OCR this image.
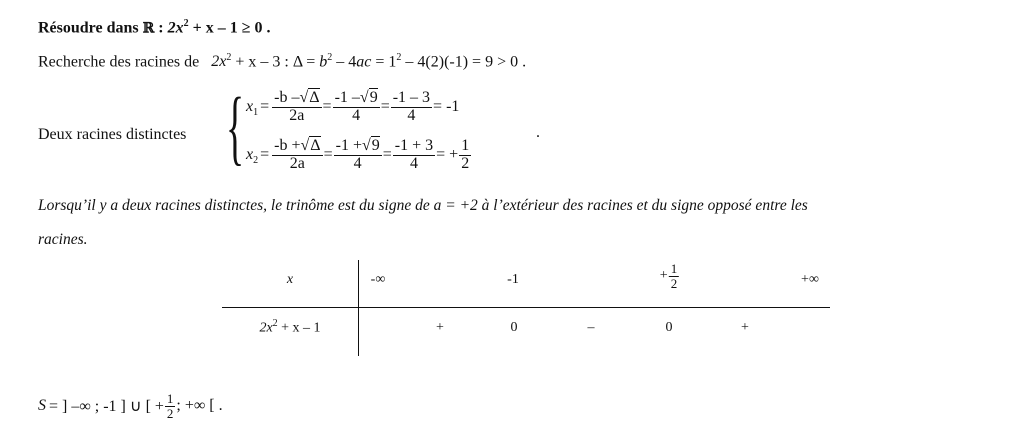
Résoudre dans ℝ : $2x^2 + x - 1 \ge 0$ .
Recherche des racines de $2x^2 + x - 3$ : $\Delta = b^2 - 4ac = 1^2 - 4(2)(-1) = 9 > 0$ .
Deux racines distinctes { $x_1 = \frac{-b -√\Delta}{2a} = \frac{-1 -√9}{4} = \frac{-1 - 3}{4} = -1$
$x_2 = \frac{-b +√\Delta}{2a} = \frac{-1 +√9}{4} = \frac{-1 + 3}{4}$ = + $\frac{1}{2}$
.
Lorsqu’il y a deux racines distinctes, le trinôme est du signe de a = +2 à l’extérieur des racines et du signe opposé entre les
racines.
x	-∞	-1	+ $\frac{1}{2}$	+∞
$2x^2 + x - 1$	+	0	–	0	+
S = ] –∞ ; -1 ] ∪ [ + $\frac{1}{2}$ ; +∞ [ .
